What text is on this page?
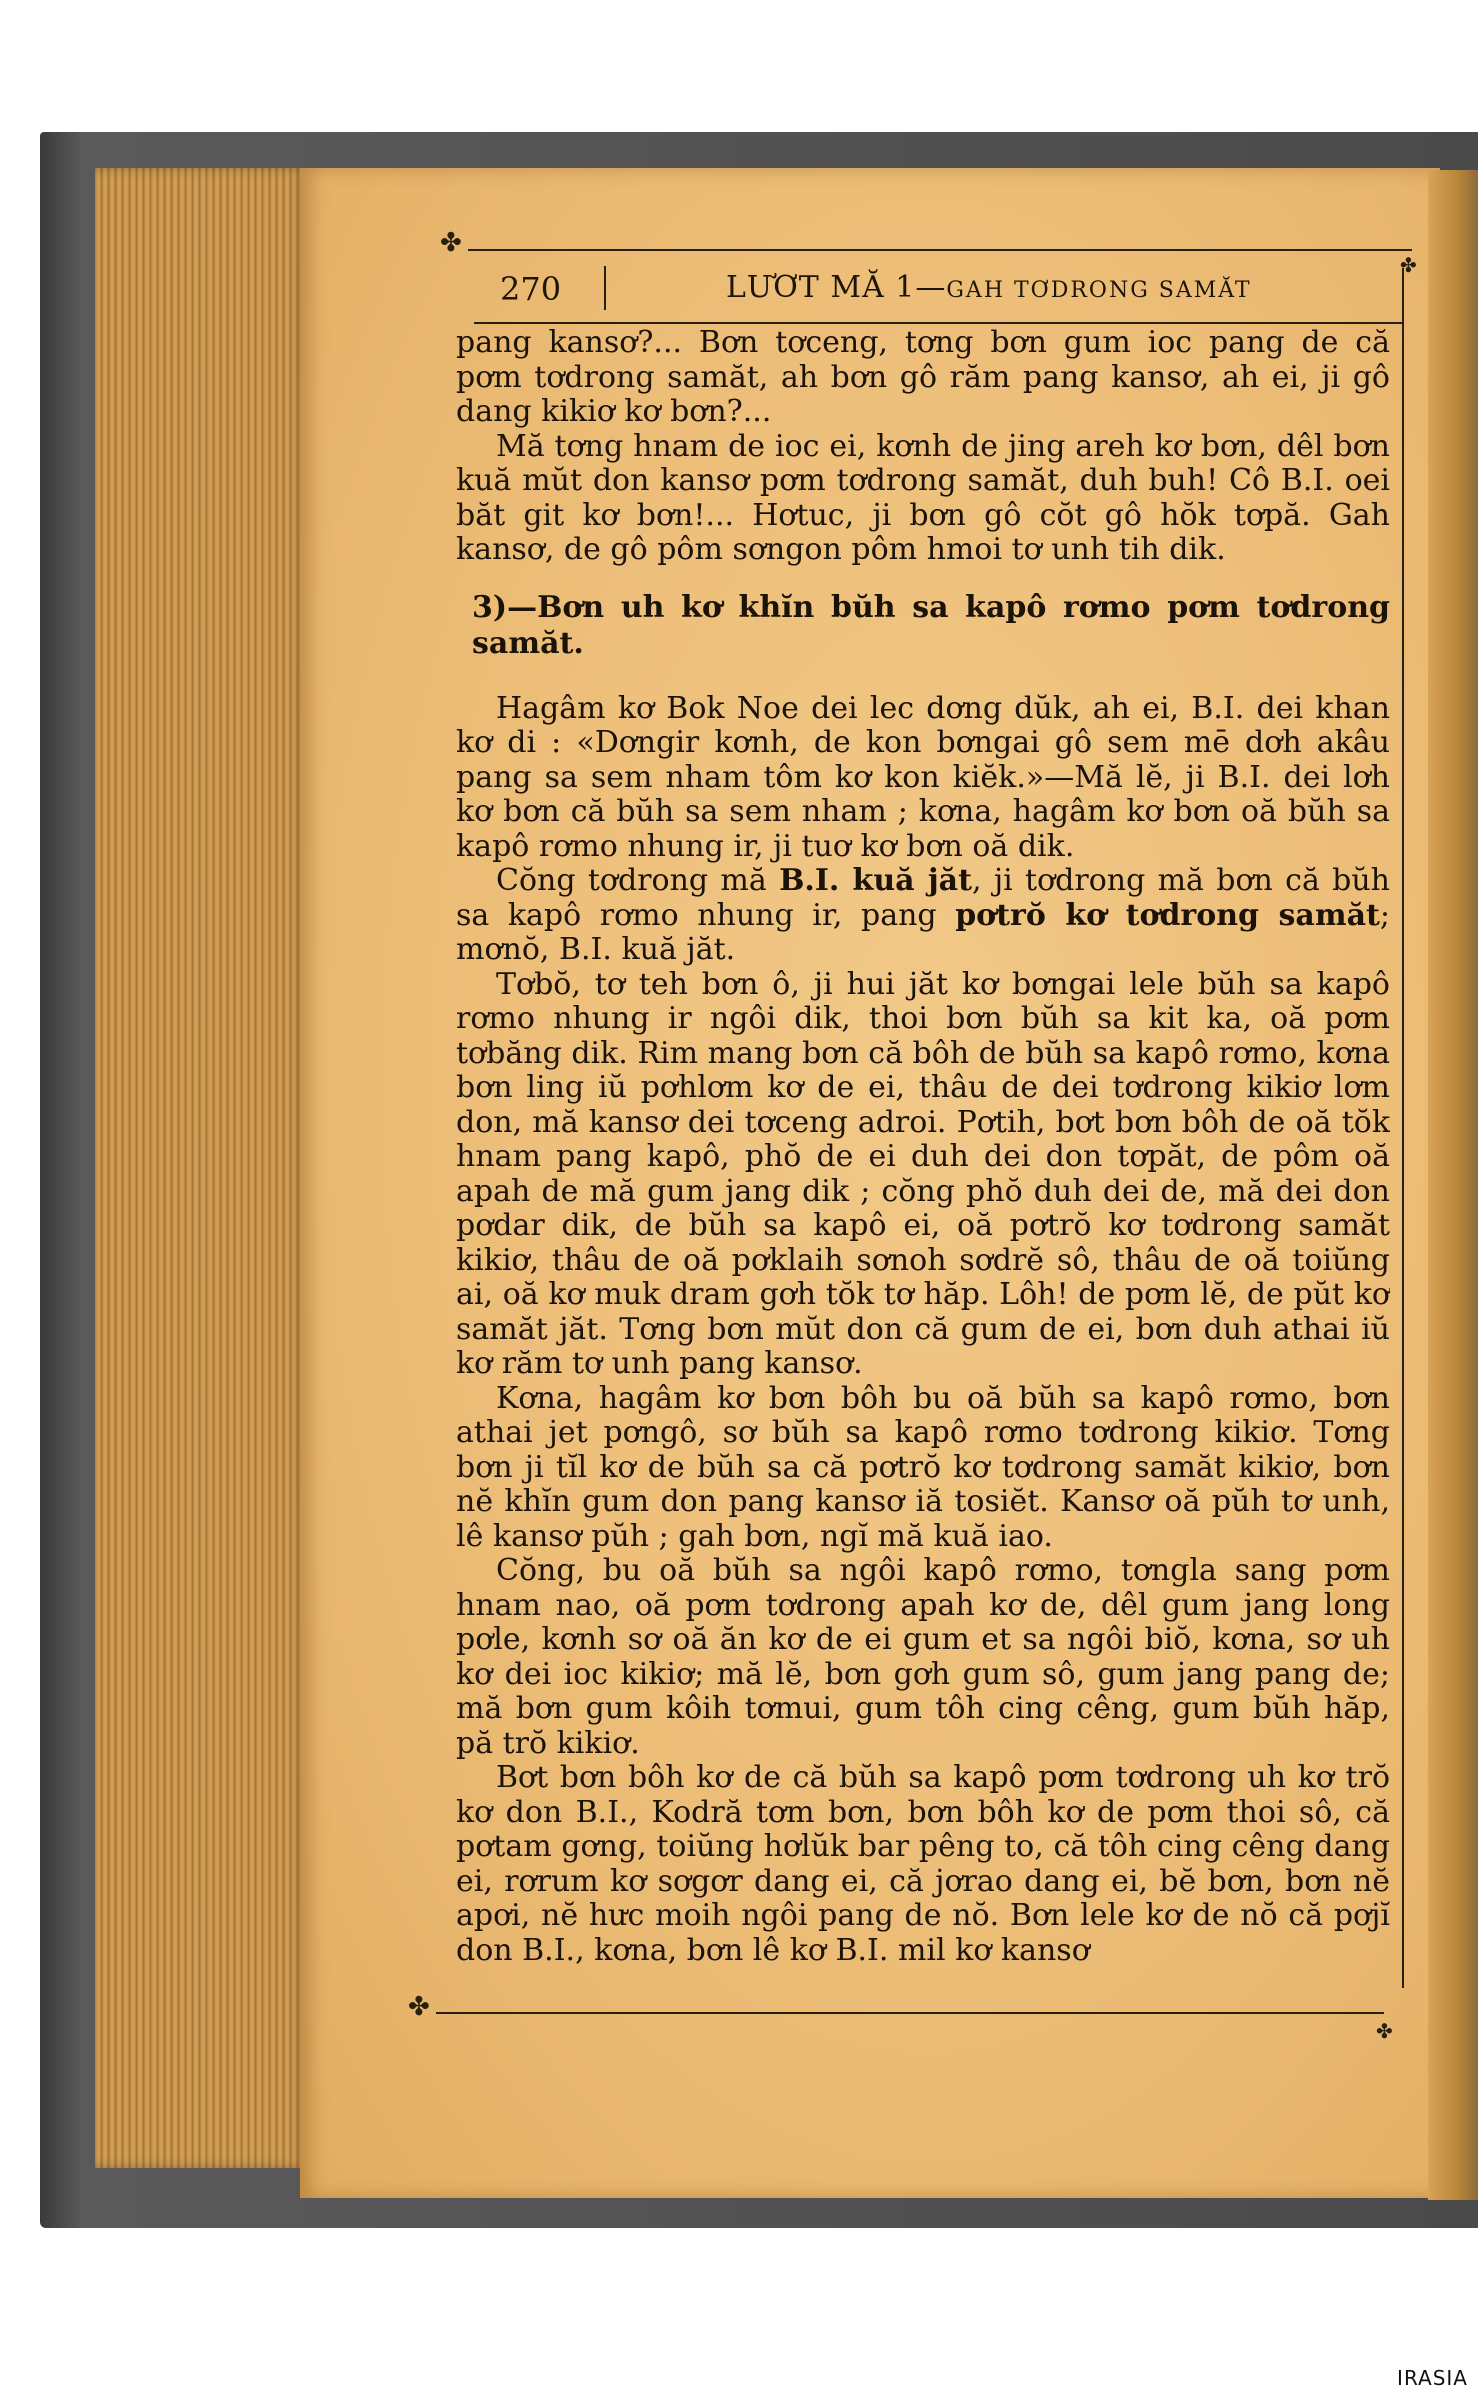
✤
✤
270	LƯƠT MĂ 1—GAH TƠDRONG SAMĂT

pang kansơ?... Bơn tơceng, tơng bơn gum ioc pang de că pơm tơdrong samăt, ah bơn gô răm pang kansơ, ah ei, ji gô dang kikiơ kơ bơn?...

Mă tơng hnam de ioc ei, kơnh de jing areh kơ bơn, dêl bơn kuă mŭt don kansơ pơm tơdrong samăt, duh buh! Cô B.I. oei băt git kơ bơn!... Hơtuc, ji bơn gô cŏt gô hŏk tơpă. Gah kansơ, de gô pôm sơngon pôm hmoi tơ unh tih dik.

3)—Bơn uh kơ khĭn bŭh sa kapô rơmo pơm tơdrong samăt.

Hagâm kơ Bok Noe dei lec dơng dŭk, ah ei, B.I. dei khan kơ di : «Dơngir kơnh, de kon bơngai gô sem mē dơh akâu pang sa sem nham tôm kơ kon kiĕk.»—Mă lĕ, ji B.I. dei lơh kơ bơn că bŭh sa sem nham ; kơna, hagâm kơ bơn oă bŭh sa kapô rơmo nhung ir, ji tuơ kơ bơn oă dik.

Cŏng tơdrong mă B.I. kuă jăt, ji tơdrong mă bơn că bŭh sa kapô rơmo nhung ir, pang pơtrŏ kơ tơdrong samăt; mơnŏ, B.I. kuă jăt.

Tơbŏ, tơ teh bơn ô, ji hui jăt kơ bơngai lele bŭh sa kapô rơmo nhung ir ngôi dik, thoi bơn bŭh sa kit ka, oă pơm tơbăng dik. Rim mang bơn că bôh de bŭh sa kapô rơmo, kơna bơn ling iŭ pơhlơm kơ de ei, thâu de dei tơdrong kikiơ lơm don, mă kansơ dei tơceng adroi. Pơtih, bơt bơn bôh de oă tŏk hnam pang kapô, phŏ de ei duh dei don tơpăt, de pôm oă apah de mă gum jang dik ; cŏng phŏ duh dei de, mă dei don pơdar dik, de bŭh sa kapô ei, oă pơtrŏ kơ tơdrong samăt kikiơ, thâu de oă pơklaih sơnoh sơdrĕ sô, thâu de oă toiŭng ai, oă kơ muk dram gơh tŏk tơ hăp. Lôh! de pơm lĕ, de pŭt kơ samăt jăt. Tơng bơn mŭt don că gum de ei, bơn duh athai iŭ kơ răm tơ unh pang kansơ.

Kơna, hagâm kơ bơn bôh bu oă bŭh sa kapô rơmo, bơn athai jet pơngô, sơ bŭh sa kapô rơmo tơdrong kikiơ. Tơng bơn ji tĭl kơ de bŭh sa că pơtrŏ kơ tơdrong samăt kikiơ, bơn nĕ khĭn gum don pang kansơ iă tosiĕt. Kansơ oă pŭh tơ unh, lê kansơ pŭh ; gah bơn, ngĭ mă kuă iao.

Cŏng, bu oă bŭh sa ngôi kapô rơmo, tơngla sang pơm hnam nao, oă pơm tơdrong apah kơ de, dêl gum jang long pơle, kơnh sơ oă ăn kơ de ei gum et sa ngôi biŏ, kơna, sơ uh kơ dei ioc kikiơ; mă lĕ, bơn gơh gum sô, gum jang pang de; mă bơn gum kôih tơmui, gum tôh cing cêng, gum bŭh hăp, pă trŏ kikiơ.

Bơt bơn bôh kơ de că bŭh sa kapô pơm tơdrong uh kơ trŏ kơ don B.I., Kodră tơm bơn, bơn bôh kơ de pơm thoi sô, că pơtam gơng, toiŭng hơlŭk bar pêng to, că tôh cing cêng dang ei, rơrum kơ sơgơr dang ei, că jơrao dang ei, bĕ bơn, bơn nĕ apơi, nĕ hưc moih ngôi pang de nŏ. Bơn lele kơ de nŏ că pơjĭ don B.I., kơna, bơn lê kơ B.I. mil kơ kansơ

✤
✤
IRASIA
